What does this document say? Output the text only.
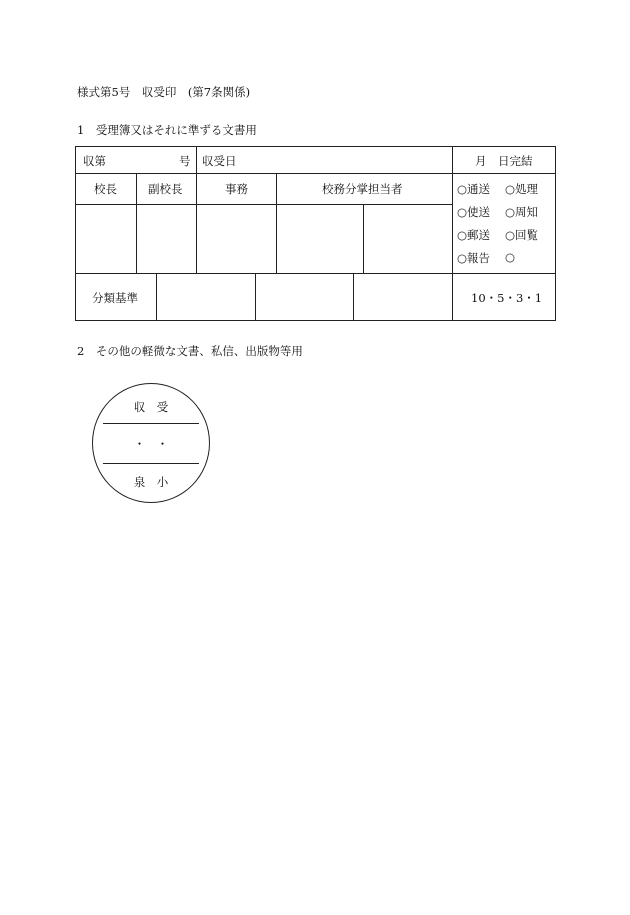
様式第5号　収受印　(第7条関係)
1　受理簿又はそれに準ずる文書用
収第	号 収受日	月　日完結
校長	副校長	事務	校務分掌担当者	○通送 ○処理
○使送 ○周知
○郵送 ○回覧
○報告 ○
分類基準	10・5・3・1
2　その他の軽微な文書、私信、出版物等用
収　受
・　・
泉　小
